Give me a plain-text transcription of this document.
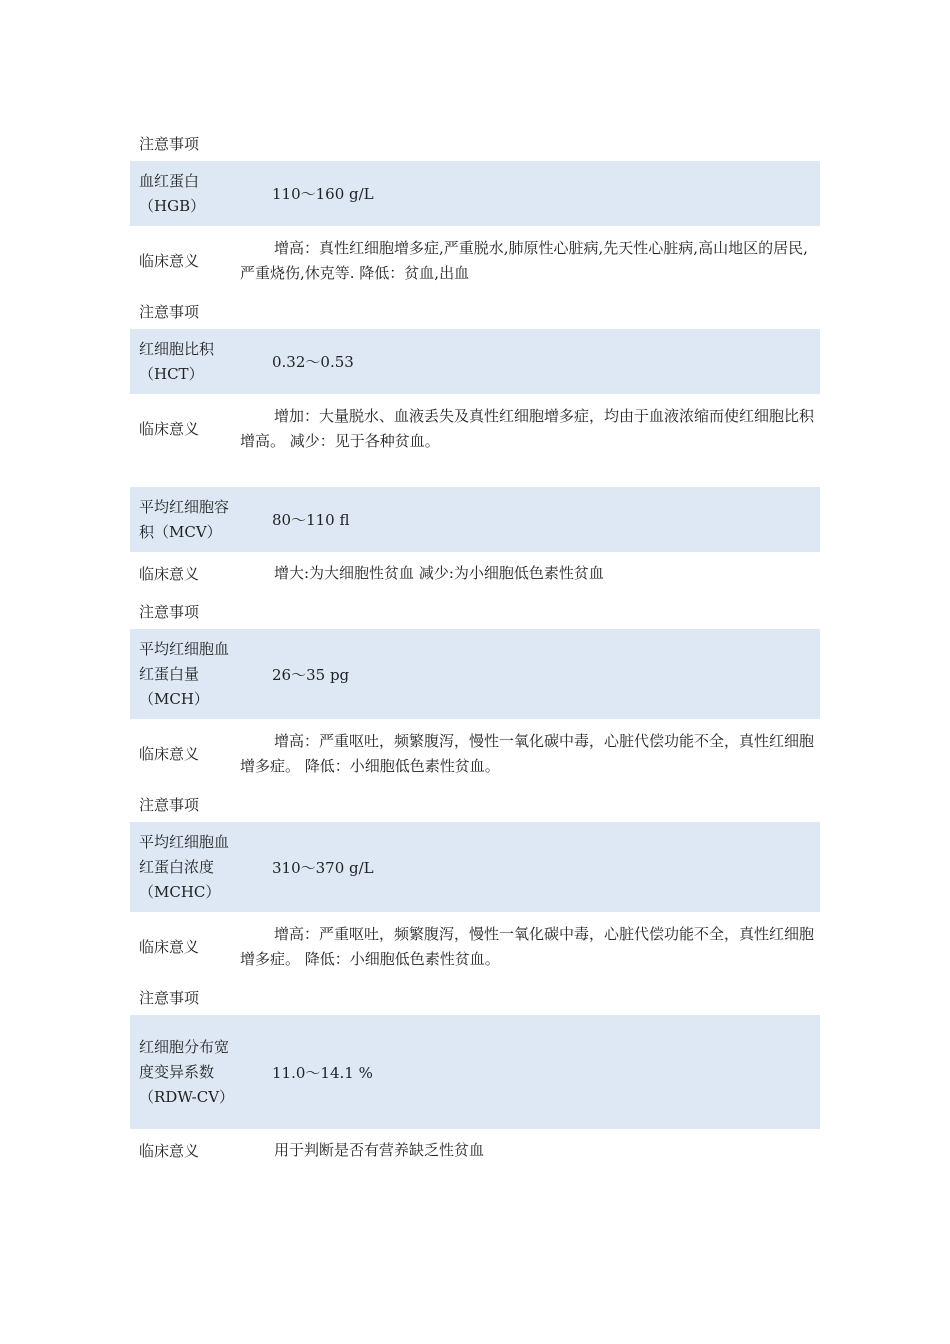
注意事项
血红蛋白（HGB）
110～160 g/L
临床意义
增高：真性红细胞增多症,严重脱水,肺原性心脏病,先天性心脏病,高山地区的居民,严重烧伤,休克等. 降低：贫血,出血
注意事项
红细胞比积（HCT）
0.32～0.53
临床意义
增加：大量脱水、血液丢失及真性红细胞增多症，均由于血液浓缩而使红细胞比积增高。 减少：见于各种贫血。
平均红细胞容积（MCV）
80～110 fl
临床意义	增大:为大细胞性贫血 减少:为小细胞低色素性贫血
注意事项
平均红细胞血红蛋白量（MCH）
26～35 pg
临床意义
增高：严重呕吐，频繁腹泻，慢性一氧化碳中毒，心脏代偿功能不全，真性红细胞增多症。 降低：小细胞低色素性贫血。
注意事项
平均红细胞血红蛋白浓度（MCHC）
310～370 g/L
临床意义
增高：严重呕吐，频繁腹泻，慢性一氧化碳中毒，心脏代偿功能不全，真性红细胞增多症。 降低：小细胞低色素性贫血。
注意事项
红细胞分布宽度变异系数（RDW-CV）
11.0～14.1 %
临床意义	用于判断是否有营养缺乏性贫血
